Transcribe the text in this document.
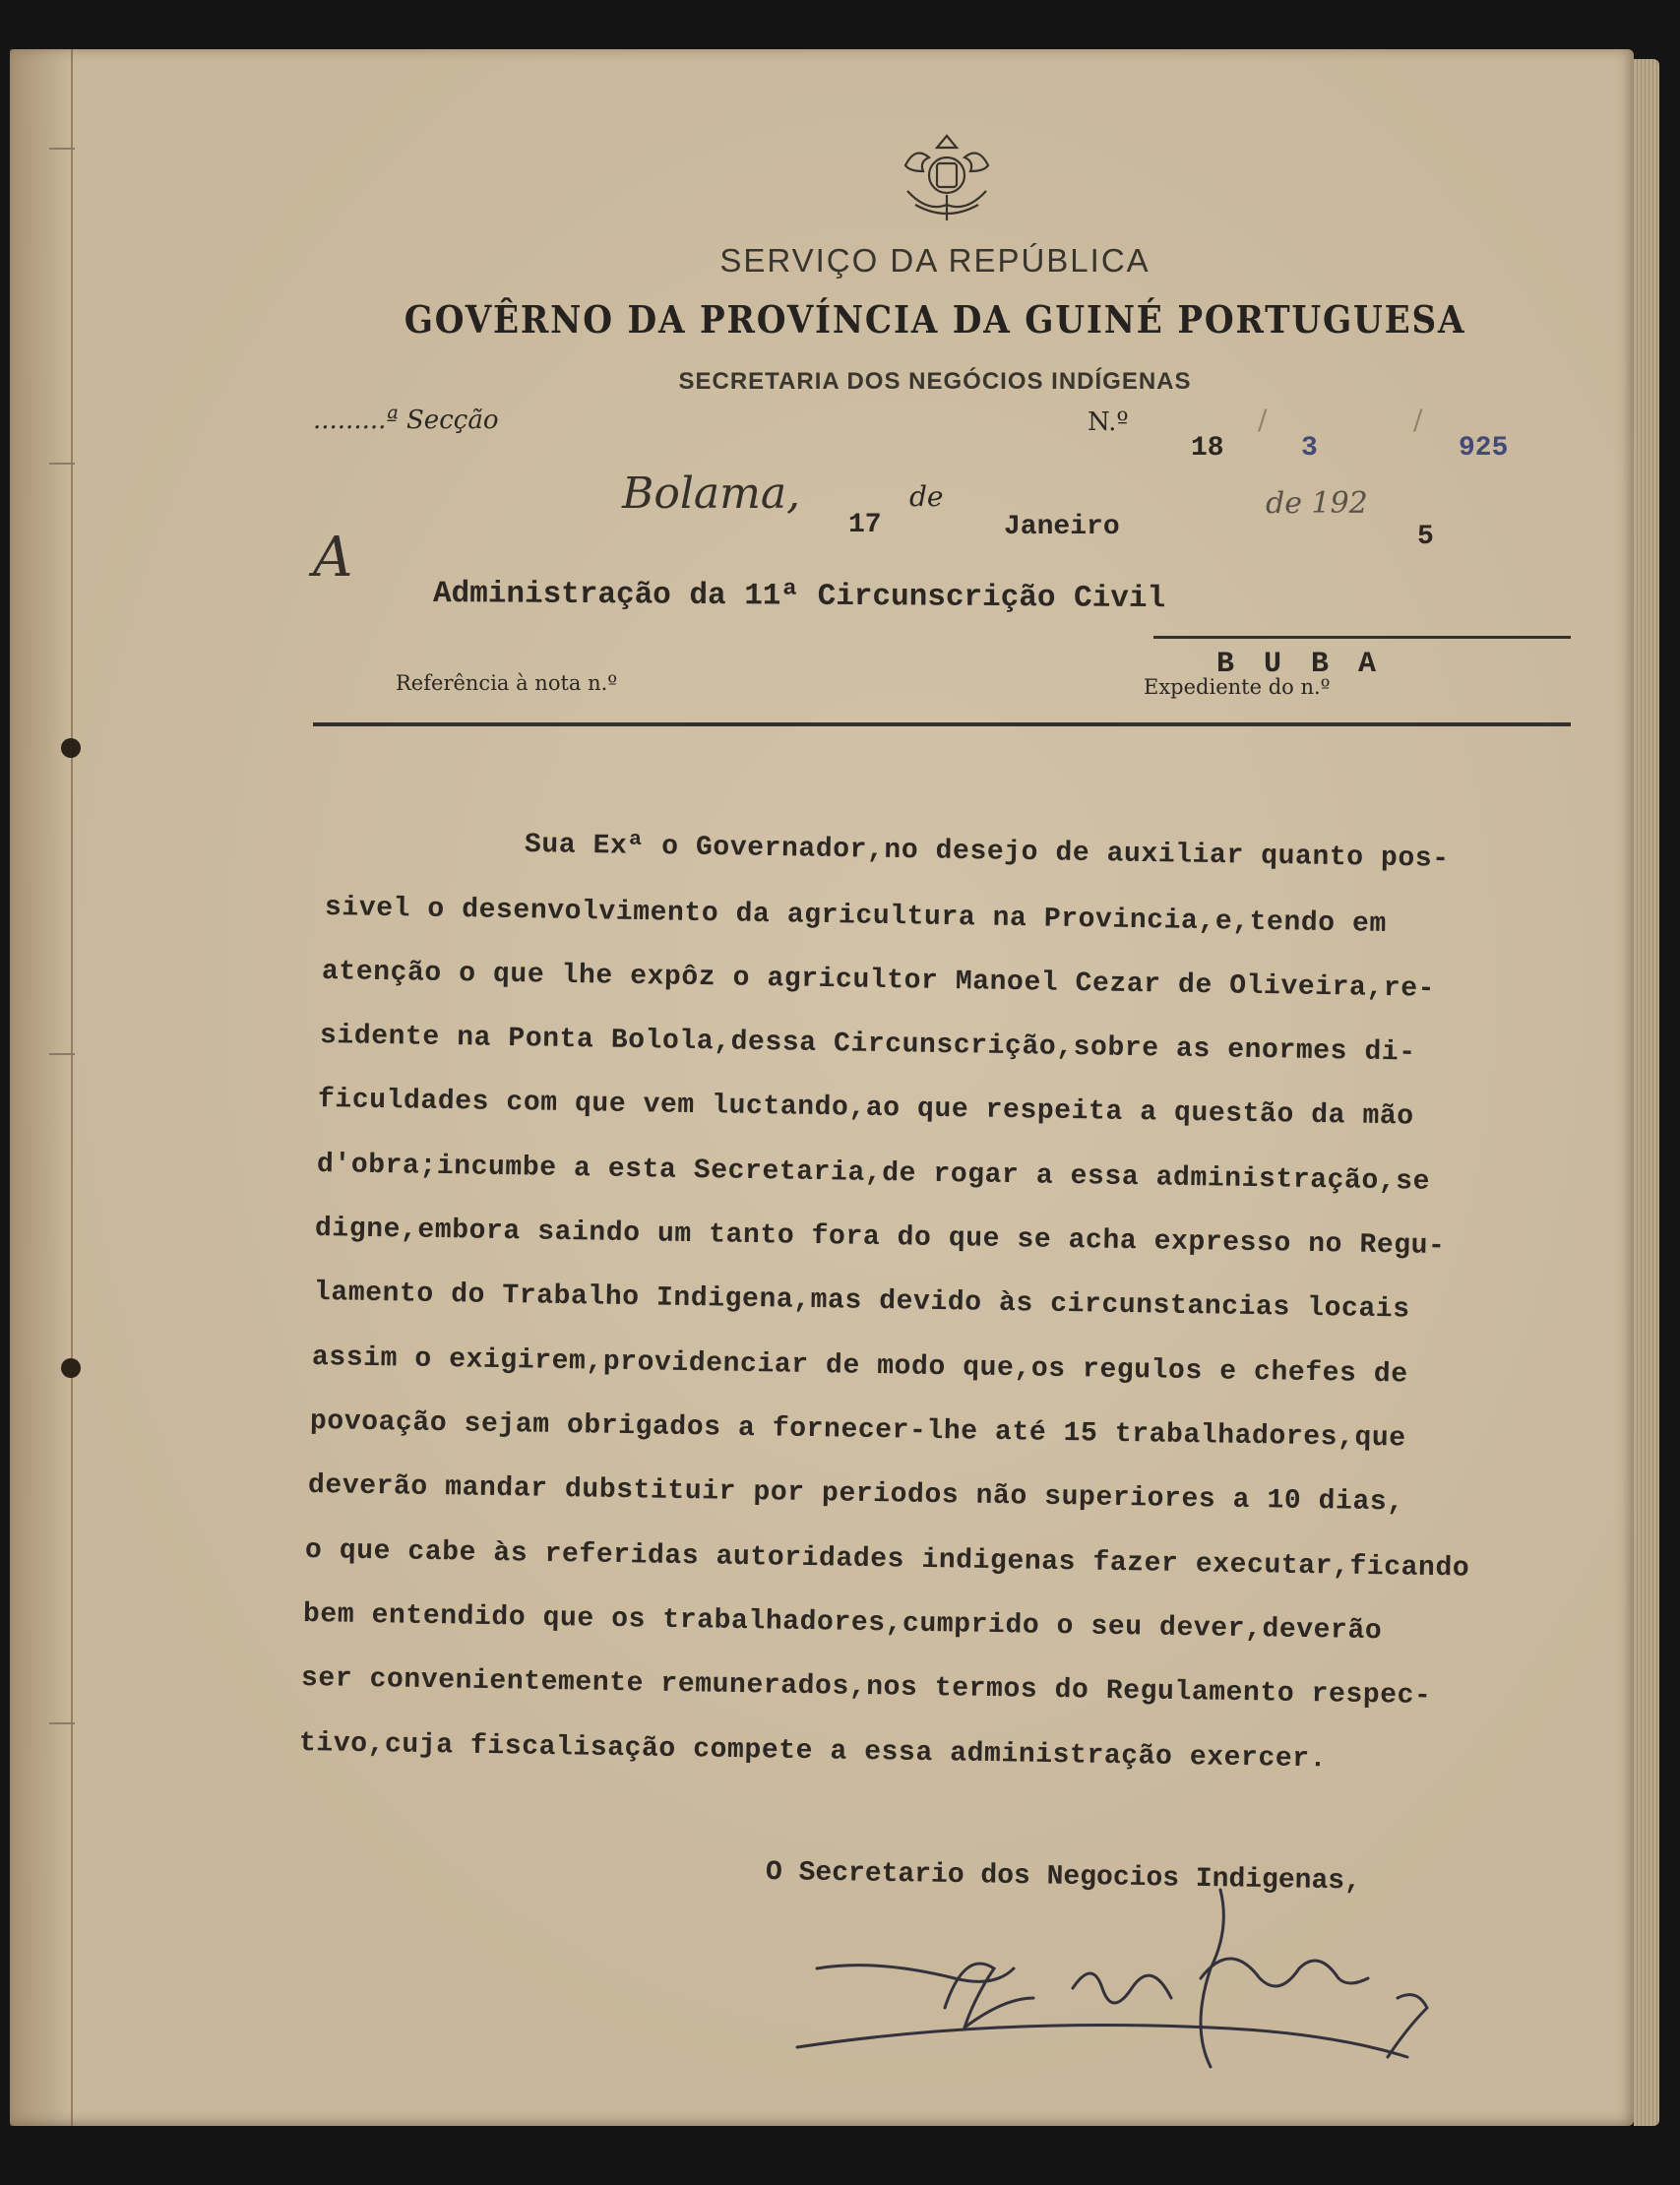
SERVIÇO DA REPÚBLICA
GOVÊRNO DA PROVÍNCIA DA GUINÉ PORTUGUESA
SECRETARIA DOS NEGÓCIOS INDÍGENAS
.........ª Secção	N.º
18
/
3
/
925
Bolama,	de
17	Janeiro
de 192
5
A
Administração da 11ª Circunscrição Civil
B U B A
Referência à nota n.º	Expediente do n.º
Sua Exª o Governador,no desejo de auxiliar quanto pos-
sivel o desenvolvimento da agricultura na Provincia,e,tendo em
atenção o que lhe expôz o agricultor Manoel Cezar de Oliveira,re-
sidente na Ponta Bolola,dessa Circunscrição,sobre as enormes di-
ficuldades com que vem luctando,ao que respeita a questão da mão
d'obra;incumbe a esta Secretaria,de rogar a essa administração,se
digne,embora saindo um tanto fora do que se acha expresso no Regu-
lamento do Trabalho Indigena,mas devido às circunstancias locais
assim o exigirem,providenciar de modo que,os regulos e chefes de
povoação sejam obrigados a fornecer-lhe até 15 trabalhadores,que
deverão mandar dubstituir por periodos não superiores a 10 dias,
o que cabe às referidas autoridades indigenas fazer executar,ficando
bem entendido que os trabalhadores,cumprido o seu dever,deverão
ser convenientemente remunerados,nos termos do Regulamento respec-
tivo,cuja fiscalisação compete a essa administração exercer.
O Secretario dos Negocios Indigenas,
